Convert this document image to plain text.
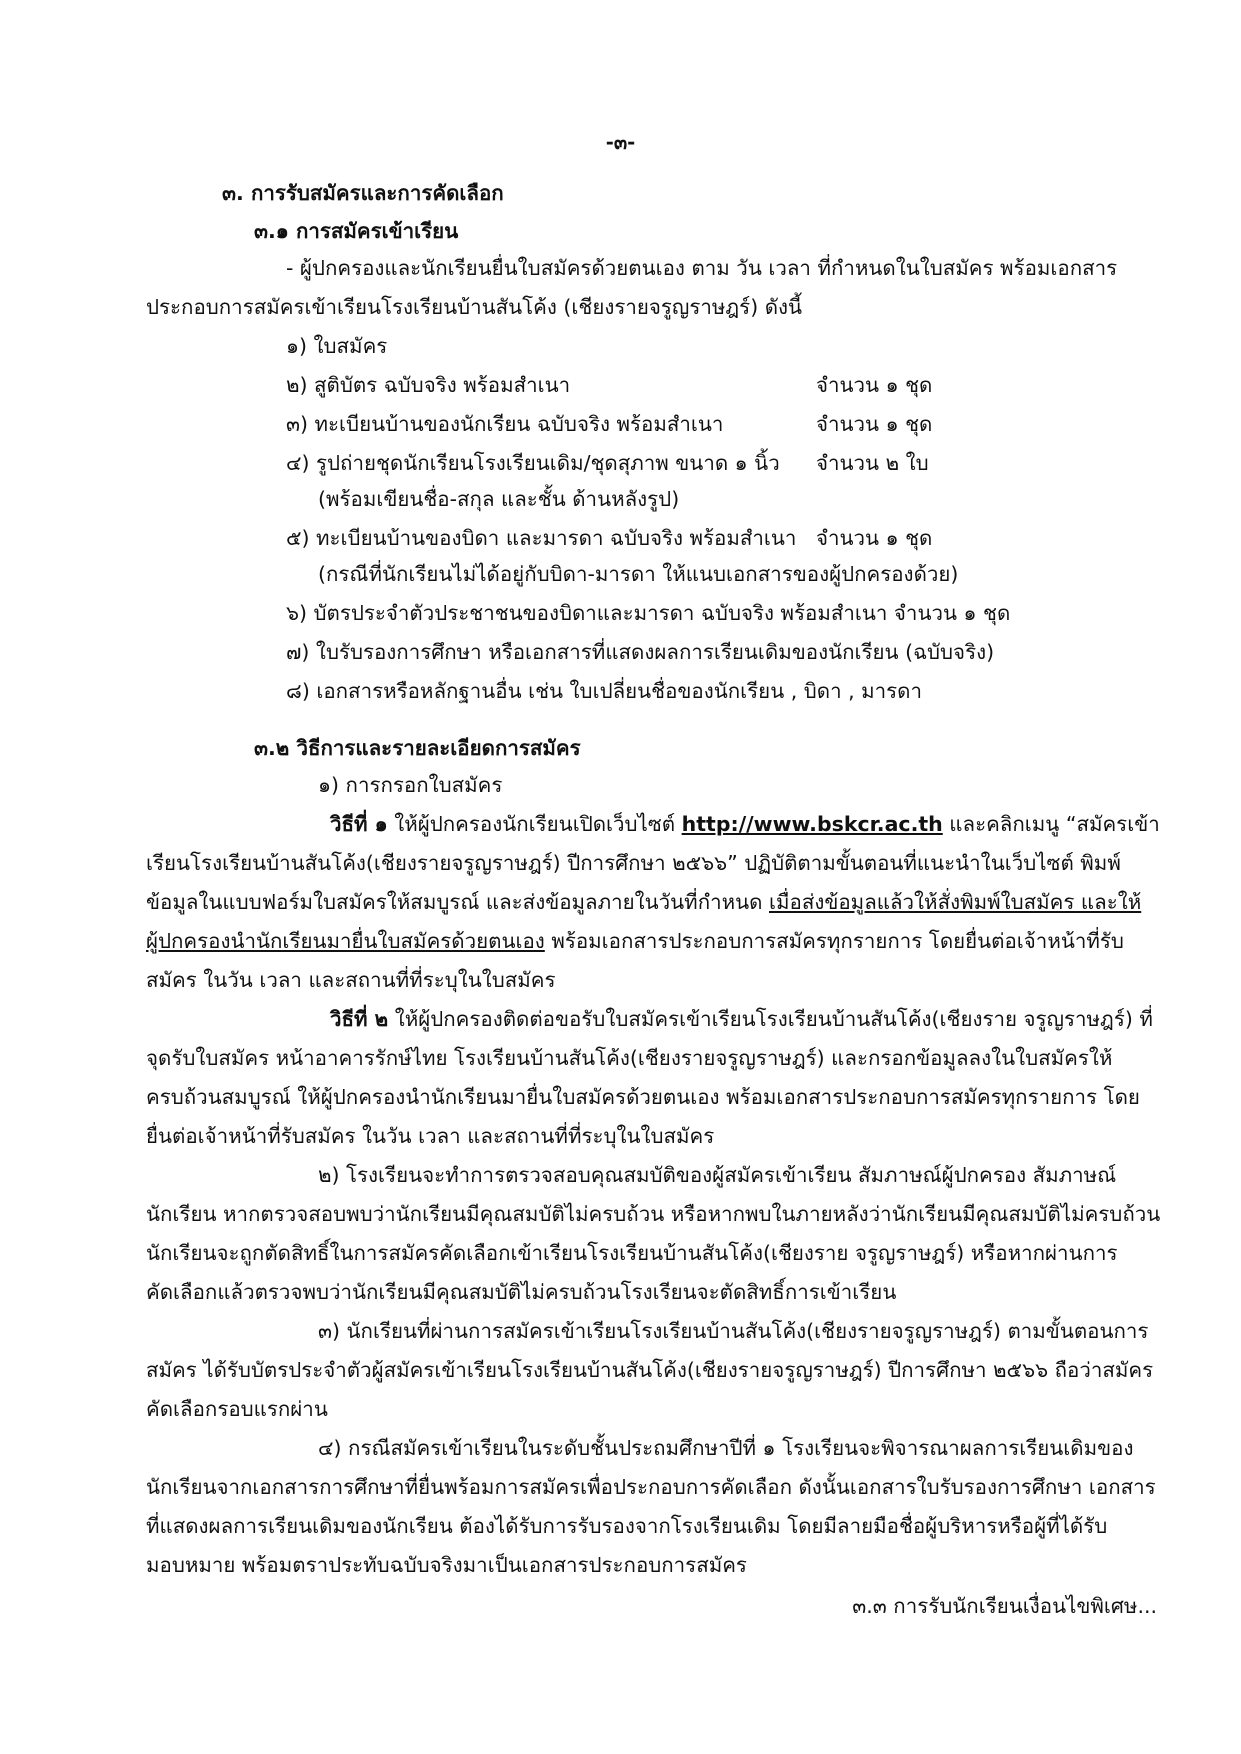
-๓-
๓. การรับสมัครและการคัดเลือก
๓.๑ การสมัครเข้าเรียน
- ผู้ปกครองและนักเรียนยื่นใบสมัครด้วยตนเอง ตาม วัน เวลา ที่กำหนดในใบสมัคร พร้อมเอกสาร
ประกอบการสมัครเข้าเรียนโรงเรียนบ้านสันโค้ง (เชียงรายจรูญราษฎร์) ดังนี้
๑) ใบสมัคร
๒) สูติบัตร ฉบับจริง พร้อมสำเนา	จำนวน ๑ ชุด
๓) ทะเบียนบ้านของนักเรียน ฉบับจริง พร้อมสำเนา	จำนวน ๑ ชุด
๔) รูปถ่ายชุดนักเรียนโรงเรียนเดิม/ชุดสุภาพ ขนาด ๑ นิ้ว จำนวน ๒ ใบ
(พร้อมเขียนชื่อ-สกุล และชั้น ด้านหลังรูป)
๕) ทะเบียนบ้านของบิดา และมารดา ฉบับจริง พร้อมสำเนา จำนวน ๑ ชุด
(กรณีที่นักเรียนไม่ได้อยู่กับบิดา-มารดา ให้แนบเอกสารของผู้ปกครองด้วย)
๖) บัตรประจำตัวประชาชนของบิดาและมารดา ฉบับจริง พร้อมสำเนา จำนวน ๑ ชุด
๗) ใบรับรองการศึกษา หรือเอกสารที่แสดงผลการเรียนเดิมของนักเรียน (ฉบับจริง)
๘) เอกสารหรือหลักฐานอื่น เช่น ใบเปลี่ยนชื่อของนักเรียน , บิดา , มารดา
๓.๒ วิธีการและรายละเอียดการสมัคร
๑) การกรอกใบสมัคร
วิธีที่ ๑ ให้ผู้ปกครองนักเรียนเปิดเว็บไซต์ http://www.bskcr.ac.th และคลิกเมนู “สมัครเข้า
เรียนโรงเรียนบ้านสันโค้ง(เชียงรายจรูญราษฎร์) ปีการศึกษา ๒๕๖๖” ปฏิบัติตามขั้นตอนที่แนะนำในเว็บไซต์ พิมพ์
ข้อมูลในแบบฟอร์มใบสมัครให้สมบูรณ์ และส่งข้อมูลภายในวันที่กำหนด เมื่อส่งข้อมูลแล้วให้สั่งพิมพ์ใบสมัคร และให้
ผู้ปกครองนำนักเรียนมายื่นใบสมัครด้วยตนเอง พร้อมเอกสารประกอบการสมัครทุกรายการ โดยยื่นต่อเจ้าหน้าที่รับ
สมัคร ในวัน เวลา และสถานที่ที่ระบุในใบสมัคร
วิธีที่ ๒ ให้ผู้ปกครองติดต่อขอรับใบสมัครเข้าเรียนโรงเรียนบ้านสันโค้ง(เชียงราย จรูญราษฎร์) ที่
จุดรับใบสมัคร หน้าอาคารรักษ์ไทย โรงเรียนบ้านสันโค้ง(เชียงรายจรูญราษฎร์) และกรอกข้อมูลลงในใบสมัครให้
ครบถ้วนสมบูรณ์ ให้ผู้ปกครองนำนักเรียนมายื่นใบสมัครด้วยตนเอง พร้อมเอกสารประกอบการสมัครทุกรายการ โดย
ยื่นต่อเจ้าหน้าที่รับสมัคร ในวัน เวลา และสถานที่ที่ระบุในใบสมัคร
๒) โรงเรียนจะทำการตรวจสอบคุณสมบัติของผู้สมัครเข้าเรียน สัมภาษณ์ผู้ปกครอง สัมภาษณ์
นักเรียน หากตรวจสอบพบว่านักเรียนมีคุณสมบัติไม่ครบถ้วน หรือหากพบในภายหลังว่านักเรียนมีคุณสมบัติไม่ครบถ้วน
นักเรียนจะถูกตัดสิทธิ์ในการสมัครคัดเลือกเข้าเรียนโรงเรียนบ้านสันโค้ง(เชียงราย จรูญราษฎร์) หรือหากผ่านการ
คัดเลือกแล้วตรวจพบว่านักเรียนมีคุณสมบัติไม่ครบถ้วนโรงเรียนจะตัดสิทธิ์การเข้าเรียน
๓) นักเรียนที่ผ่านการสมัครเข้าเรียนโรงเรียนบ้านสันโค้ง(เชียงรายจรูญราษฎร์) ตามขั้นตอนการ
สมัคร ได้รับบัตรประจำตัวผู้สมัครเข้าเรียนโรงเรียนบ้านสันโค้ง(เชียงรายจรูญราษฎร์) ปีการศึกษา ๒๕๖๖ ถือว่าสมัคร
คัดเลือกรอบแรกผ่าน
๔) กรณีสมัครเข้าเรียนในระดับชั้นประถมศึกษาปีที่ ๑ โรงเรียนจะพิจารณาผลการเรียนเดิมของ
นักเรียนจากเอกสารการศึกษาที่ยื่นพร้อมการสมัครเพื่อประกอบการคัดเลือก ดังนั้นเอกสารใบรับรองการศึกษา เอกสาร
ที่แสดงผลการเรียนเดิมของนักเรียน ต้องได้รับการรับรองจากโรงเรียนเดิม โดยมีลายมือชื่อผู้บริหารหรือผู้ที่ได้รับ
มอบหมาย พร้อมตราประทับฉบับจริงมาเป็นเอกสารประกอบการสมัคร
๓.๓ การรับนักเรียนเงื่อนไขพิเศษ...
